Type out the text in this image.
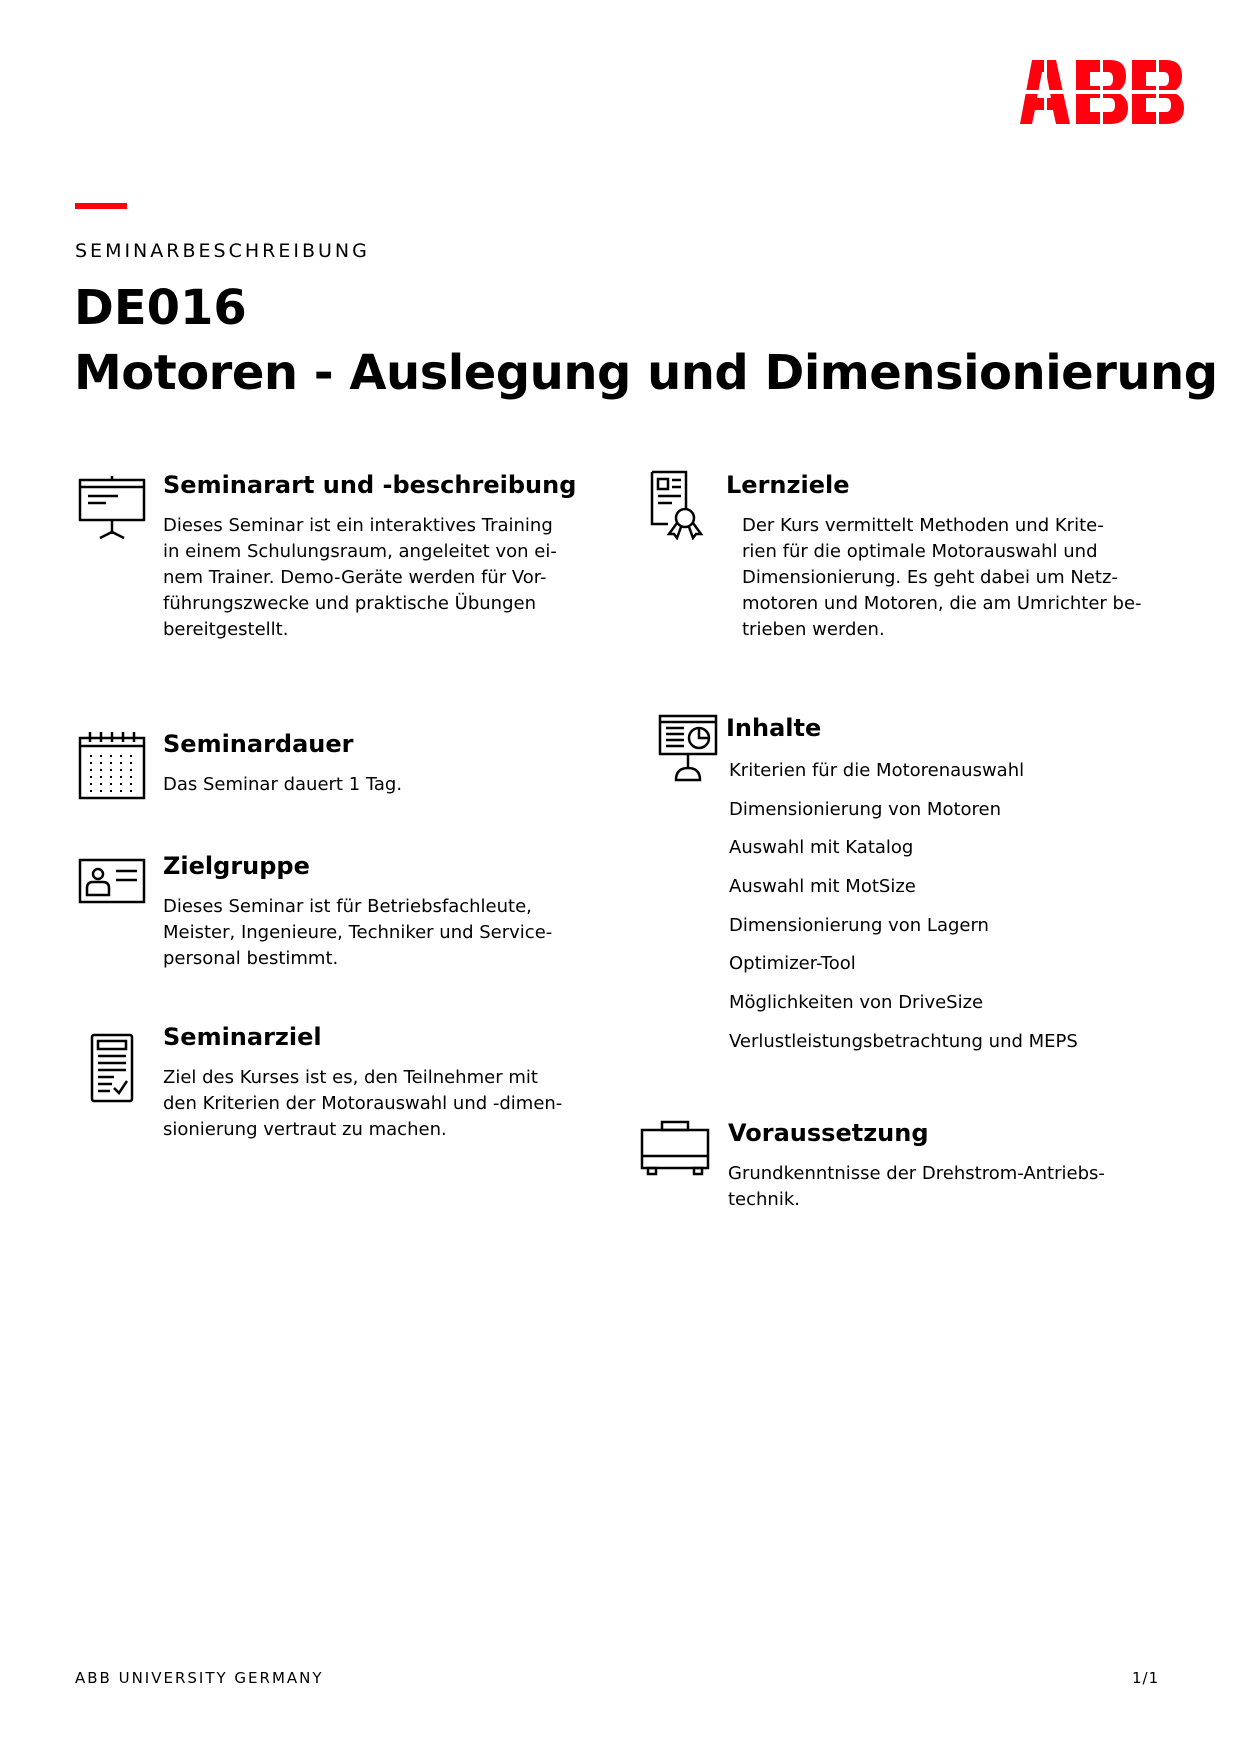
SEMINARBESCHREIBUNG
DE016
Motoren - Auslegung und Dimensionierung
Seminarart und -beschreibung
Dieses Seminar ist ein interaktives Training
in einem Schulungsraum, angeleitet von ei-
nem Trainer. Demo-Geräte werden für Vor-
führungszwecke und praktische Übungen
bereitgestellt.
Lernziele
Der Kurs vermittelt Methoden und Krite-
rien für die optimale Motorauswahl und
Dimensionierung. Es geht dabei um Netz-
motoren und Motoren, die am Umrichter be-
trieben werden.
Seminardauer
Das Seminar dauert 1 Tag.
Inhalte
Kriterien für die Motorenauswahl
Dimensionierung von Motoren
Auswahl mit Katalog
Auswahl mit MotSize
Dimensionierung von Lagern
Optimizer-Tool
Möglichkeiten von DriveSize
Verlustleistungsbetrachtung und MEPS
Zielgruppe
Dieses Seminar ist für Betriebsfachleute,
Meister, Ingenieure, Techniker und Service-
personal bestimmt.
Seminarziel
Ziel des Kurses ist es, den Teilnehmer mit
den Kriterien der Motorauswahl und -dimen-
sionierung vertraut zu machen.	Voraussetzung
Grundkenntnisse der Drehstrom-Antriebs-
technik.
ABB UNIVERSITY GERMANY	1/1
